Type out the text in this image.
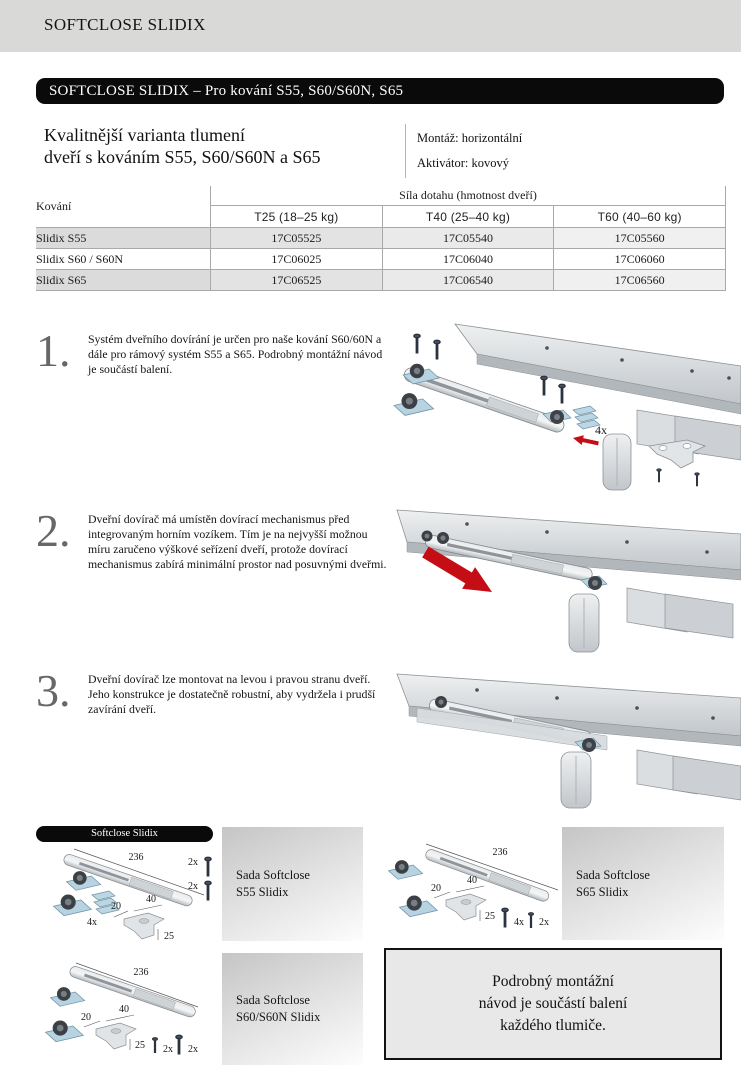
SOFTCLOSE SLIDIX
SOFTCLOSE SLIDIX – Pro kování S55, S60/S60N, S65
Kvalitnější varianta tlumení
dveří s kováním S55, S60/S60N a S65
Montáž: horizontální
Aktivátor: kovový
Kování	Síla dotahu (hmotnost dveří)		
	T25 (18–25 kg)	T40 (25–40 kg)	T60 (40–60 kg)
Slidix S55	17C05525	17C05540	17C05560
Slidix S60 / S60N	17C06025	17C06040	17C06060
Slidix S65	17C06525	17C06540	17C06560
1.	Systém dveřního dovírání je určen pro naše kování S60/60N a dále pro rámový systém S55 a S65. Podrobný montážní návod je součástí balení.
4x
2.	Dveřní dovírač má umístěn dovírací mechanismus před integrovaným horním vozíkem. Tím je na nejvyšší možnou míru zaručeno výškové seřízení dveří, protože dovírací mechanismus zabírá minimální prostor nad posuvnými dveřmi.
3.	Dveřní dovírač lze montovat na levou i pravou stranu dveří. Jeho konstrukce je dostatečně robustní, aby vydržela i prudší zavírání dveří.
Softclose Slidix
236
4x
40
20
25
2x
2x
Sada Softclose
S55 Slidix
236
40
20
25
4x 2x
Sada Softclose
S65 Slidix
236
40
20
25 2x 2x
Sada Softclose
S60/S60N Slidix
Podrobný montážní
návod je součástí balení
každého tlumiče.
